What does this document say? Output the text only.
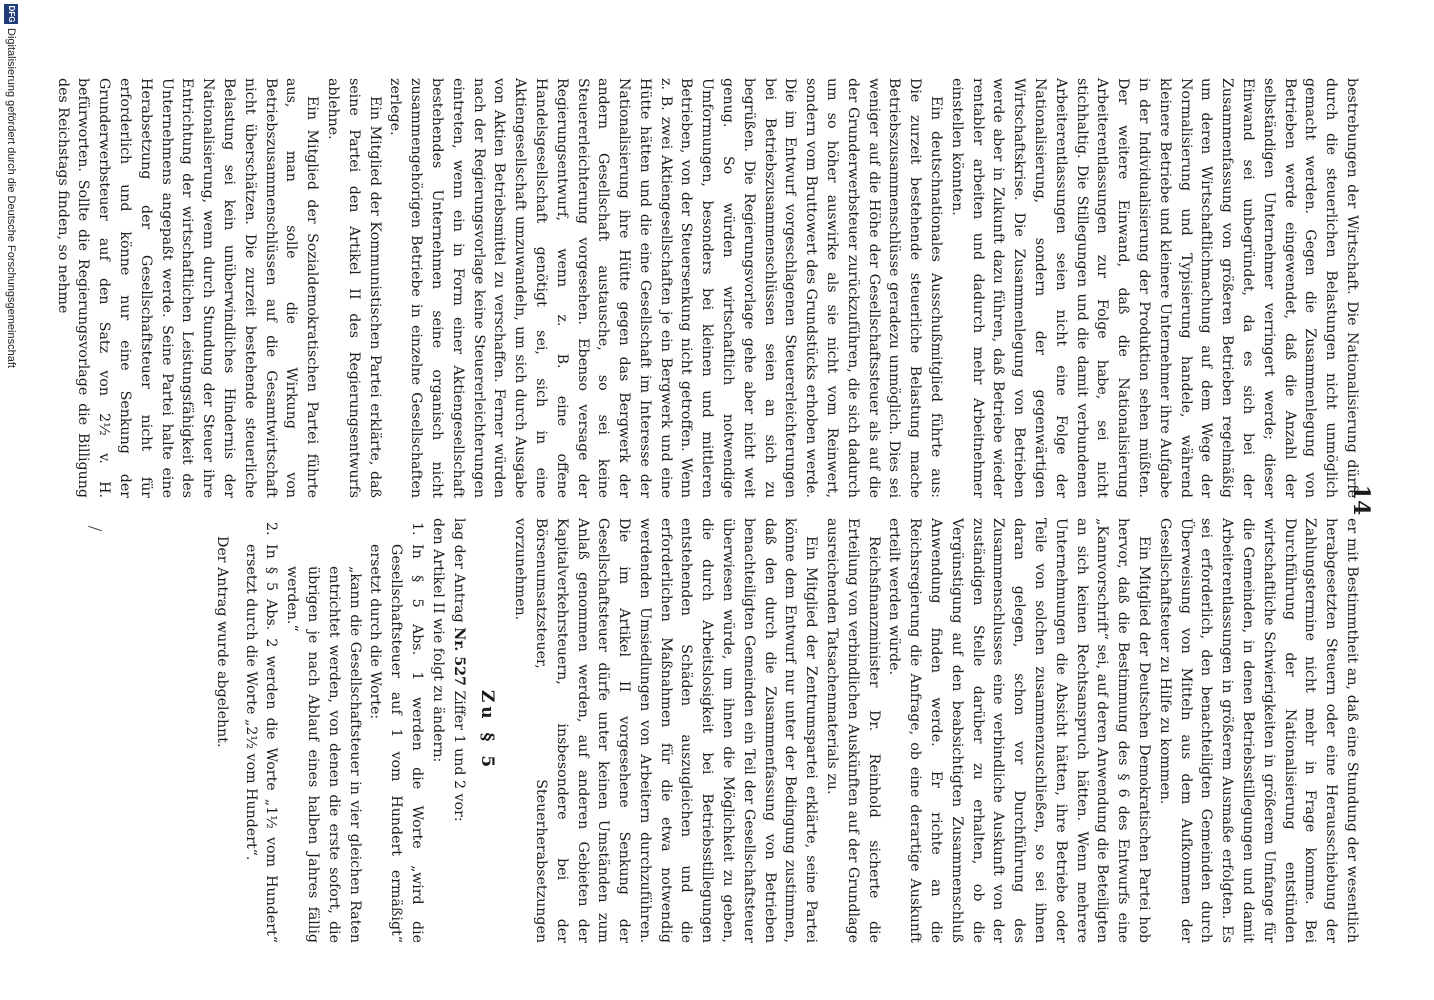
14

bestrebungen der Wirtschaft. Die Nationalisierung dürfe durch die steuerlichen Belastungen nicht unmöglich gemacht werden. Gegen die Zusammenlegung von Betrieben werde eingewendet, daß die Anzahl der selbständigen Unternehmer verringert werde; dieser Einwand sei unbegründet, da es sich bei der Zusammenfassung von größeren Betrieben regelmäßig um deren Wirtschaftlichmachung auf dem Wege der Normalisierung und Typisierung handele, während kleinere Betriebe und kleinere Unternehmer ihre Aufgabe in der Individualisierung der Produktion sehen müßten. Der weitere Einwand, daß die Nationalisierung Arbeiterentlassungen zur Folge habe, sei nicht stichhaltig. Die Stillegungen und die damit verbundenen Arbeiterentlassungen seien nicht eine Folge der Nationalisierung, sondern der gegenwärtigen Wirtschaftskrise. Die Zusammenlegung von Betrieben werde aber in Zukunft dazu führen, daß Betriebe wieder rentabler arbeiten und dadurch mehr Arbeitnehmer einstellen könnten.

Ein deutschnationales Ausschußmitglied führte aus: Die zurzeit bestehende steuerliche Belastung mache Betriebszusammenschlüsse geradezu unmöglich. Dies sei weniger auf die Höhe der Gesellschaftssteuer als auf die der Grunderwerbsteuer zurückzuführen, die sich dadurch um so höher auswirke als sie nicht vom Reinwert, sondern vom Bruttowert des Grundstücks erhoben werde. Die im Entwurf vorgeschlagenen Steuererleichterungen bei Betriebszusammenschlüssen seien an sich zu begrüßen. Die Regierungsvorlage gehe aber nicht weit genug. So würden wirtschaftlich notwendige Umformungen, besonders bei kleinen und mittleren Betrieben, von der Steuersenkung nicht getroffen. Wenn z. B. zwei Aktiengesellschaften je ein Bergwerk und eine Hütte hätten und die eine Gesellschaft im Interesse der Nationalisierung ihre Hütte gegen das Bergwerk der andern Gesellschaft austausche, so sei keine Steuererleichterung vorgesehen. Ebenso versage der Regierungsentwurf, wenn z. B. eine offene Handelsgesellschaft genötigt sei, sich in eine Aktiengesellschaft umzuwandeln, um sich durch Ausgabe von Aktien Betriebsmittel zu verschaffen. Ferner würden nach der Regierungsvorlage keine Steuererleichterungen eintreten, wenn ein in Form einer Aktiengesellschaft bestehendes Unternehmen seine organisch nicht zusammengehörigen Betriebe in einzelne Gesellschaften zerlege.

Ein Mitglied der Kommunistischen Partei erklärte, daß seine Partei den Artikel II des Regierungsentwurfs ablehne.

Ein Mitglied der Sozialdemokratischen Partei führte aus, man solle die Wirkung von Betriebszusammenschlüssen auf die Gesamtwirtschaft nicht überschätzen. Die zurzeit bestehende steuerliche Belastung sei kein unüberwindliches Hindernis der Nationalisierung, wenn durch Stundung der Steuer ihre Entrichtung der wirtschaftlichen Leistungsfähigkeit des Unternehmens angepaßt werde. Seine Partei halte eine Herabsetzung der Gesellschaftsteuer nicht für erforderlich und könne nur eine Senkung der Grunderwerbsteuer auf den Satz von 2½ v. H. befürworten. Sollte die Regierungsvorlage die Billigung des Reichstags finden, so nehme

er mit Bestimmtheit an, daß eine Stundung der wesentlich herabgesetzten Steuern oder eine Herausschiebung der Zahlungstermine nicht mehr in Frage komme. Bei Durchführung der Nationalisierung entstünden wirtschaftliche Schwierigkeiten in größerem Umfange für die Gemeinden, in denen Betriebsstillegungen und damit Arbeiterentlassungen in größerem Ausmaße erfolgten. Es sei erforderlich, den benachteiligten Gemeinden durch Überweisung von Mitteln aus dem Aufkommen der Gesellschaftsteuer zu Hilfe zu kommen.

Ein Mitglied der Deutschen Demokratischen Partei hob hervor, daß die Bestimmung des § 6 des Entwurfs eine „Kannvorschrift“ sei, auf deren Anwendung die Beteiligten an sich keinen Rechtsanspruch hätten. Wenn mehrere Unternehmungen die Absicht hätten, ihre Betriebe oder Teile von solchen zusammenzuschließen, so sei ihnen daran gelegen, schon vor Durchführung des Zusammenschlusses eine verbindliche Auskunft von der zuständigen Stelle darüber zu erhalten, ob die Vergünstigung auf den beabsichtigten Zusammenschluß Anwendung finden werde. Er richte an die Reichsregierung die Anfrage, ob eine derartige Auskunft erteilt werden würde.

Reichsfinanzminister Dr. Reinhold sicherte die Erteilung von verbindlichen Auskünften auf der Grundlage ausreichenden Tatsachenmaterials zu.

Ein Mitglied der Zentrumspartei erklärte, seine Partei könne dem Entwurf nur unter der Bedingung zustimmen, daß den durch die Zusammenfassung von Betrieben benachteiligten Gemeinden ein Teil der Gesellschaftsteuer überwiesen würde, um ihnen die Möglichkeit zu geben, die durch Arbeitslosigkeit bei Betriebsstillegungen entstehenden Schäden auszugleichen und die erforderlichen Maßnahmen für die etwa notwendig werdenden Umsiedlungen von Arbeitern durchzuführen. Die im Artikel II vorgesehene Senkung der Gesellschaftsteuer dürfe unter keinen Umständen zum Anlaß genommen werden, auf anderen Gebieten der Kapitalverkehrsteuern, insbesondere bei der Börsenumsatzsteuer, Steuerherabsetzungen vorzunehmen.

Zu § 5

lag der Antrag Nr. 527 Ziffer 1 und 2 vor:

den Artikel II wie folgt zu ändern:

1.

In § 5 Abs. 1 werden die Worte „wird die Gesellschaftsteuer auf 1 vom Hundert ermäßigt“ ersetzt durch die Worte:

„kann die Gesellschaftsteuer in vier gleichen Raten entrichtet werden, von denen die erste sofort, die übrigen je nach Ablauf eines halben Jahres fällig werden.“

2.

In § 5 Abs. 2 werden die Worte „1½ vom Hundert“ ersetzt durch die Worte „2½ vom Hundert“.

Der Antrag wurde abgelehnt.

DFG
Digitalisierung gefördert durch die Deutsche Forschungsgemeinschaft
